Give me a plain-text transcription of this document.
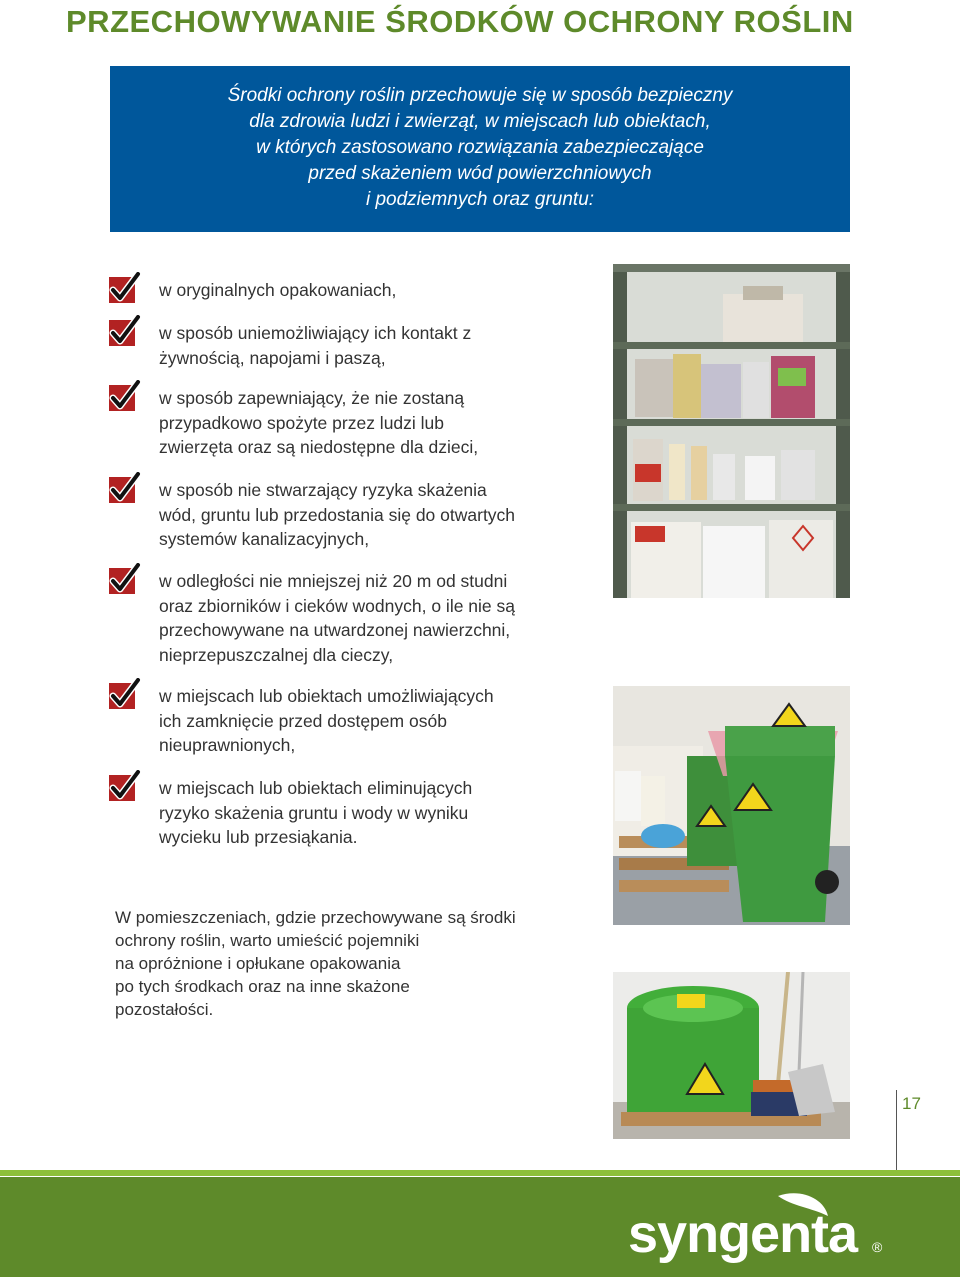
PRZECHOWYWANIE ŚRODKÓW OCHRONY ROŚLIN
Środki ochrony roślin przechowuje się w sposób bezpieczny
dla zdrowia ludzi i zwierząt, w miejscach lub obiektach,
w których zastosowano rozwiązania zabezpieczające
przed skażeniem wód powierzchniowych
i podziemnych oraz gruntu:
w oryginalnych opakowaniach,
w sposób uniemożliwiający ich kontakt z
żywnością, napojami i paszą,
w sposób zapewniający, że nie zostaną
przypadkowo spożyte przez ludzi lub
zwierzęta oraz są niedostępne dla dzieci,
w sposób nie stwarzający ryzyka skażenia
wód, gruntu lub przedostania się do otwartych
systemów kanalizacyjnych,
w odległości nie mniejszej niż 20 m od studni
oraz zbiorników i cieków wodnych, o ile nie są
przechowywane na utwardzonej nawierzchni,
nieprzepuszczalnej dla cieczy,
w miejscach lub obiektach umożliwiających
ich zamknięcie przed dostępem osób
nieuprawnionych,
w miejscach lub obiektach eliminujących
ryzyko skażenia gruntu i wody w wyniku
wycieku lub przesiąkania.
W pomieszczeniach, gdzie przechowywane są środki
ochrony roślin, warto umieścić pojemniki
na opróżnione i opłukane opakowania
po tych środkach oraz na inne skażone
pozostałości.
17
syngenta ®
